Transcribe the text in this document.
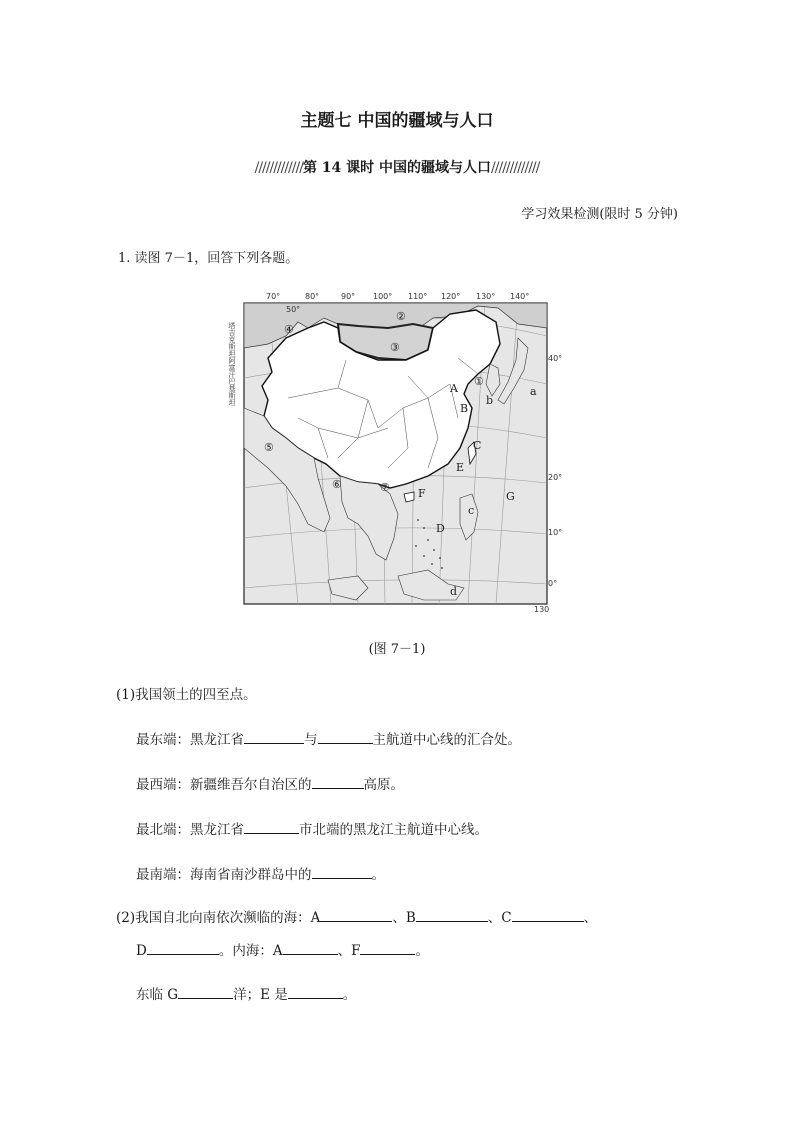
主题七 中国的疆域与人口
/////////////第 14 课时 中国的疆域与人口/////////////
学习效果检测(限时 5 分钟)
1. 读图 7－1，回答下列各题。
70°	80°	90° 100° 110° 120° 130° 140°
50°
40°
20°
10°
0°
130
塔吉克斯坦阿富汗巴基斯坦
②
③
④
①
⑤
⑥	⑦
A
B
C
D
E
F	G
a
b
c
d
(图 7－1)
(1)我国领土的四至点。
最东端：黑龙江省	与	主航道中心线的汇合处。
最西端：新疆维吾尔自治区的	高原。
最北端：黑龙江省	市北端的黑龙江主航道中心线。
最南端：海南省南沙群岛中的	。
(2)我国自北向南依次濒临的海：A	、B	、C	、
D	。内海：A	、F	。
东临 G	洋；E 是	。
